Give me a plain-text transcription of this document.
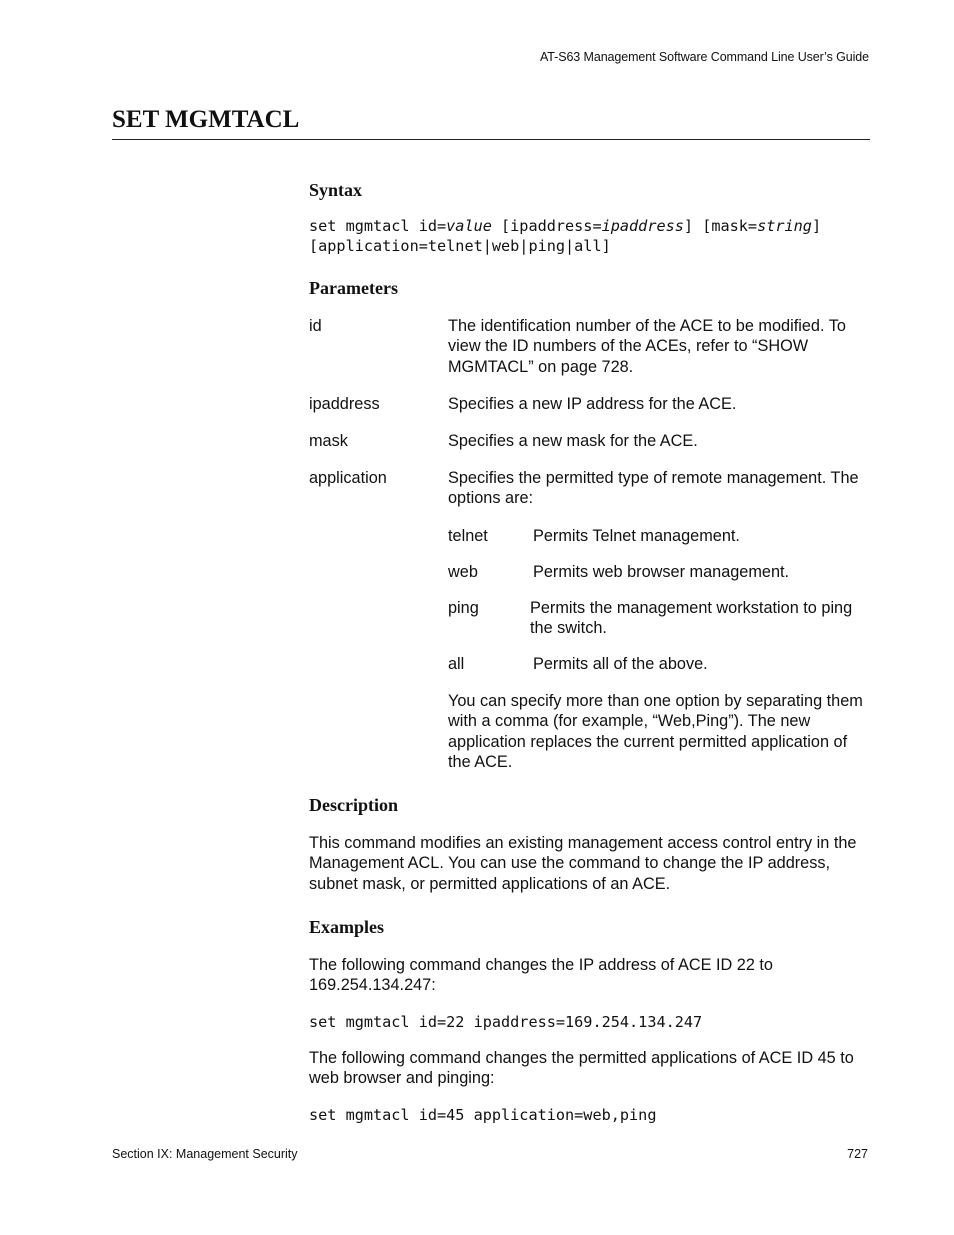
AT-S63 Management Software Command Line User’s Guide
SET MGMTACL
Syntax
set mgmtacl id=value [ipaddress=ipaddress] [mask=string]
[application=telnet|web|ping|all]
Parameters
id	The identification number of the ACE to be modified. To view the ID numbers of the ACEs, refer to “SHOW MGMTACL” on page 728.
ipaddress	Specifies a new IP address for the ACE.
mask	Specifies a new mask for the ACE.
application	Specifies the permitted type of remote management. The options are:
telnet	Permits Telnet management.
web	Permits web browser management.
ping	Permits the management workstation to ping the switch.
all	Permits all of the above.
You can specify more than one option by separating them with a comma (for example, “Web,Ping”). The new application replaces the current permitted application of the ACE.
Description
This command modifies an existing management access control entry in the Management ACL. You can use the command to change the IP address, subnet mask, or permitted applications of an ACE.
Examples
The following command changes the IP address of ACE ID 22 to 169.254.134.247:
set mgmtacl id=22 ipaddress=169.254.134.247
The following command changes the permitted applications of ACE ID 45 to web browser and pinging:
set mgmtacl id=45 application=web,ping
Section IX: Management Security	727
